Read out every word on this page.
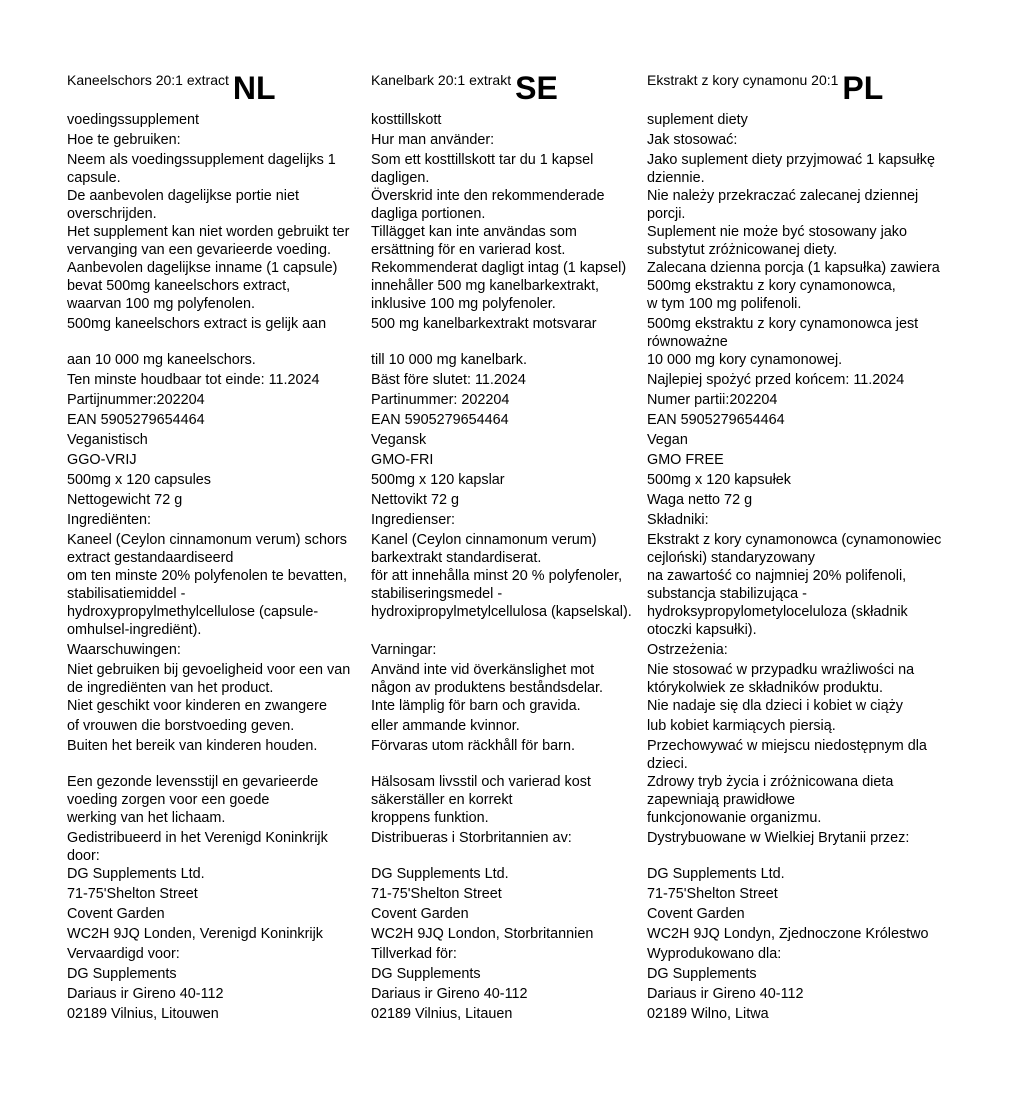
Kaneelschors 20:1 extract NL
voedingssupplement
Hoe te gebruiken:
Neem als voedingssupplement dagelijks 1
capsule.
De aanbevolen dagelijkse portie niet
overschrijden.
Het supplement kan niet worden gebruikt ter
vervanging van een gevarieerde voeding.
Aanbevolen dagelijkse inname (1 capsule)
bevat 500mg kaneelschors extract,
waarvan 100 mg polyfenolen.
500mg kaneelschors extract is gelijk aan
aan 10 000 mg kaneelschors.
Ten minste houdbaar tot einde: 11.2024
Partijnummer:202204
EAN 5905279654464
Veganistisch
GGO-VRIJ
500mg x 120 capsules
Nettogewicht 72 g
Ingrediënten:
Kaneel (Ceylon cinnamonum verum) schors
extract gestandaardiseerd
om ten minste 20% polyfenolen te bevatten,
stabilisatiemiddel -
hydroxypropylmethylcellulose (capsule-
omhulsel-ingrediënt).
Waarschuwingen:
Niet gebruiken bij gevoeligheid voor een van
de ingrediënten van het product.
Niet geschikt voor kinderen en zwangere
of vrouwen die borstvoeding geven.
Buiten het bereik van kinderen houden.
Een gezonde levensstijl en gevarieerde
voeding zorgen voor een goede
werking van het lichaam.
Gedistribueerd in het Verenigd Koninkrijk
door:
DG Supplements Ltd.
71-75'Shelton Street
Covent Garden
WC2H 9JQ Londen, Verenigd Koninkrijk
Vervaardigd voor:
DG Supplements
Dariaus ir Gireno 40-112
02189 Vilnius, Litouwen
Kanelbark 20:1 extrakt SE
kosttillskott
Hur man använder:
Som ett kosttillskott tar du 1 kapsel
dagligen.
Överskrid inte den rekommenderade
dagliga portionen.
Tillägget kan inte användas som
ersättning för en varierad kost.
Rekommenderat dagligt intag (1 kapsel)
innehåller 500 mg kanelbarkextrakt,
inklusive 100 mg polyfenoler.
500 mg kanelbarkextrakt motsvarar
till 10 000 mg kanelbark.
Bäst före slutet: 11.2024
Partinummer: 202204
EAN 5905279654464
Vegansk
GMO-FRI
500mg x 120 kapslar
Nettovikt 72 g
Ingredienser:
Kanel (Ceylon cinnamonum verum)
barkextrakt standardiserat.
för att innehålla minst 20 % polyfenoler,
stabiliseringsmedel -
hydroxipropylmetylcellulosa (kapselskal).
Varningar:
Använd inte vid överkänslighet mot
någon av produktens beståndsdelar.
Inte lämplig för barn och gravida.
eller ammande kvinnor.
Förvaras utom räckhåll för barn.
Hälsosam livsstil och varierad kost
säkerställer en korrekt
kroppens funktion.
Distribueras i Storbritannien av:
DG Supplements Ltd.
71-75'Shelton Street
Covent Garden
WC2H 9JQ London, Storbritannien
Tillverkad för:
DG Supplements
Dariaus ir Gireno 40-112
02189 Vilnius, Litauen
Ekstrakt z kory cynamonu 20:1 PL
suplement diety
Jak stosować:
Jako suplement diety przyjmować 1 kapsułkę
dziennie.
Nie należy przekraczać zalecanej dziennej
porcji.
Suplement nie może być stosowany jako
substytut zróżnicowanej diety.
Zalecana dzienna porcja (1 kapsułka) zawiera
500mg ekstraktu z kory cynamonowca,
w tym 100 mg polifenoli.
500mg ekstraktu z kory cynamonowca jest
równoważne
10 000 mg kory cynamonowej.
Najlepiej spożyć przed końcem: 11.2024
Numer partii:202204
EAN 5905279654464
Vegan
GMO FREE
500mg x 120 kapsułek
Waga netto 72 g
Składniki:
Ekstrakt z kory cynamonowca (cynamonowiec
cejloński) standaryzowany
na zawartość co najmniej 20% polifenoli,
substancja stabilizująca -
hydroksypropylometyloceluloza (składnik
otoczki kapsułki).
Ostrzeżenia:
Nie stosować w przypadku wrażliwości na
którykolwiek ze składników produktu.
Nie nadaje się dla dzieci i kobiet w ciąży
lub kobiet karmiących piersią.
Przechowywać w miejscu niedostępnym dla
dzieci.
Zdrowy tryb życia i zróżnicowana dieta
zapewniają prawidłowe
funkcjonowanie organizmu.
Dystrybuowane w Wielkiej Brytanii przez:
DG Supplements Ltd.
71-75'Shelton Street
Covent Garden
WC2H 9JQ Londyn, Zjednoczone Królestwo
Wyprodukowano dla:
DG Supplements
Dariaus ir Gireno 40-112
02189 Wilno, Litwa
